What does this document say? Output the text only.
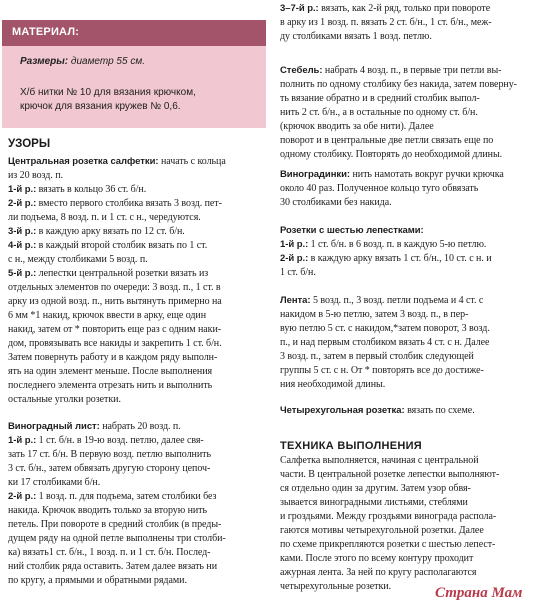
МАТЕРИАЛ:
Размеры: диаметр 55 см.
Х/б нитки № 10 для вязания крючком,
крючок для вязания кружев № 0,6.
УЗОРЫ
Центральная розетка салфетки: начать с кольца
из 20 возд. п.
1-й р.: вязать в кольцо 36 ст. б/н.
2-й р.: вместо первого столбика вязать 3 возд. пет-
ли подъема, 8 возд. п. и 1 ст. с н., чередуются.
3-й р.: в каждую арку вязать по 12 ст. б/н.
4-й р.: в каждый второй столбик вязать по 1 ст.
с н., между столбиками 5 возд. п.
5-й р.: лепестки центральной розетки вязать из
отдельных элементов по очереди: 3 возд. п., 1 ст. в
арку из одной возд. п., нить вытянуть примерно на
6 мм *1 накид, крючок ввести в арку, еще один
накид, затем от * повторить еще раз с одним наки-
дом, провязывать все накиды и закрепить 1 ст. б/н.
Затем повернуть работу и в каждом ряду выполн-
ять на один элемент меньше. После выполнения
последнего элемента отрезать нить и выполнить
остальные уголки розетки.
Виноградный лист: набрать 20 возд. п.
1-й р.: 1 ст. б/н. в 19-ю возд. петлю, далее свя-
зать 17 ст. б/н. В первую возд. петлю выполнить
3 ст. б/н., затем обвязать другую сторону цепоч-
ки 17 столбиками б/н.
2-й р.: 1 возд. п. для подъема, затем столбики без
накида. Крючок вводить только за вторую нить
петель. При повороте в средний столбик (в преды-
дущем ряду на одной петле выполнены три столби-
ка) вязать1 ст. б/н., 1 возд. п. и 1 ст. б/н. Послед-
ний столбик ряда оставить. Затем далее вязать ни
по кругу, а прямыми и обратными рядами.
3–7-й р.: вязать, как 2-й ряд, только при повороте
в арку из 1 возд. п. вязать 2 ст. б/н., 1 ст. б/н., меж-
ду столбиками вязать 1 возд. петлю.
Стебель: набрать 4 возд. п., в первые три петли вы-
полнить по одному столбику без накида, затем поверну-
ть вязание обратно и в средний столбик выпол-
нить 2 ст. б/н., а в остальные по одному ст. б/н.
(крючок вводить за обе нити). Далее
поворот и в центральные две петли связать еще по
одному столбику. Повторять до необходимой длины.
Виноградинки: нить намотать вокруг ручки крючка
около 40 раз. Полученное кольцо туго обвязать
30 столбиками без накида.
Розетки с шестью лепестками:
1-й р.: 1 ст. б/н. в 6 возд. п. в каждую 5-ю петлю.
2-й р.: в каждую арку вязать 1 ст. б/н., 10 ст. с н. и
1 ст. б/н.
Лента: 5 возд. п., 3 возд. петли подъема и 4 ст. с
накидом в 5-ю петлю, затем 3 возд. п., в пер-
вую петлю 5 ст. с накидом,*затем поворот, 3 возд.
п., и над первым столбиком вязать 4 ст. с н. Далее
3 возд. п., затем в первый столбик следующей
группы 5 ст. с н. От * повторять все до достиже-
ния необходимой длины.
Четырехугольная розетка: вязать по схеме.
ТЕХНИКА ВЫПОЛНЕНИЯ
Салфетка выполняется, начиная с центральной
части. В центральной розетке лепестки выполняют-
ся отдельно один за другим. Затем узор обвя-
зывается виноградными листьями, стеблями
и гроздьями. Между гроздьями винограда распола-
гаются мотивы четырехугольной розетки. Далее
по схеме прикрепляются розетки с шестью лепест-
ками. После этого по всему контуру проходит
ажурная лента. За ней по кругу располагаются
четырехугольные розетки.	Страна Мам
